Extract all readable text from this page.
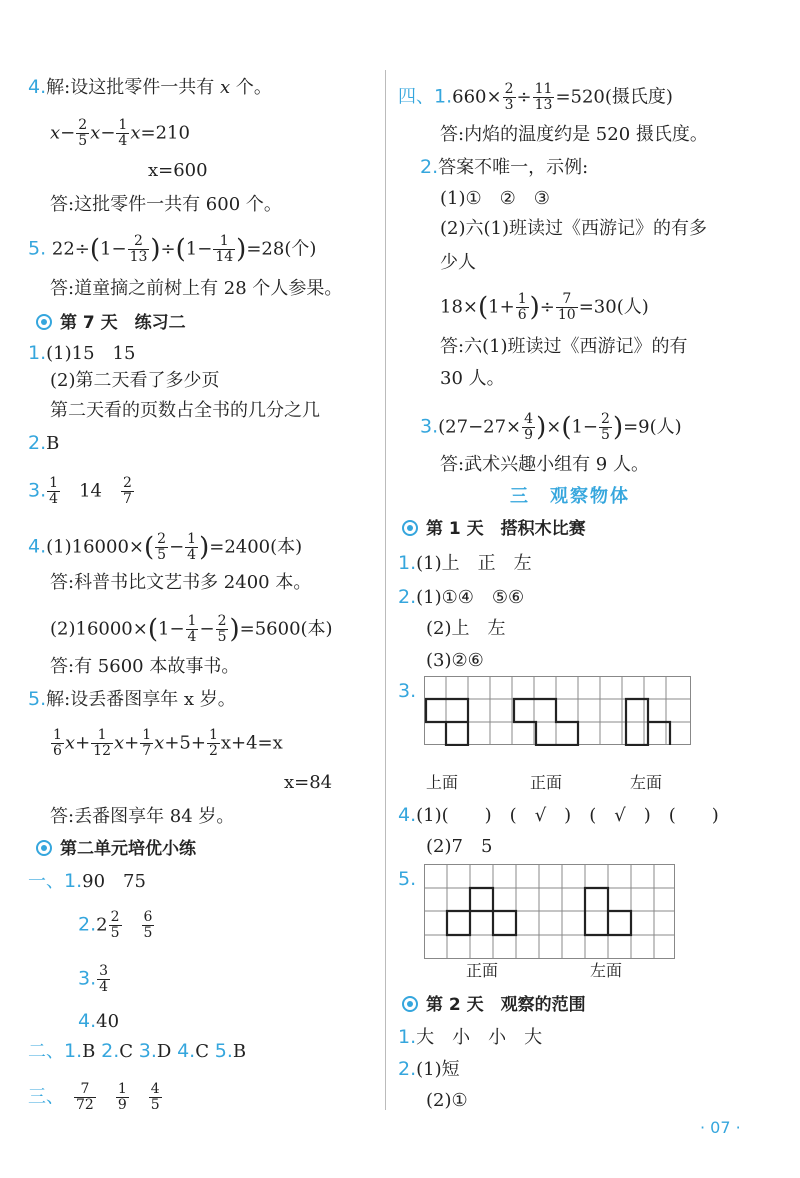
4.解:设这批零件一共有 x 个。
$x- \frac{2}{5} x- \frac{1}{4} x=210$
x=600
答:这批零件一共有 600 个。
5. $22\div(1- \frac{2}{13} )\div(1- \frac{1}{14} )=28$(个)
答:道童摘之前树上有 28 个人参果。
第 7 天　练习二
1.(1)15　15
(2)第二天看了多少页
第二天看的页数占全书的几分之几
2.B
3. $\frac{1}{4}$
　 14　 $\frac{2}{7}$
$4.(1)16000\times( \frac{2}{5} - \frac{1}{4} )=2400$(本)
答:科普书比文艺书多 2400 本。
$(2)16000\times(1- \frac{1}{4} - \frac{2}{5} )=5600$(本)
答:有 5600 本故事书。
5.解:设丢番图享年 x 岁。
$\frac{1}{6} x+ \frac{1}{12} x+ \frac{1}{7} x+5+ \frac{1}{2} x+4=x$
x=84
答:丢番图享年 84 岁。
第二单元培优小练
一、1.90　75
$2.2 \frac{2}{5}$
　 $\frac{6}{5}$
3. $\frac{3}{4}$
4.40
二、1.B 2.C 3.D 4.C 5.B
三、　 $\frac{7}{72}$
　 $\frac{1}{9}$
　 $\frac{4}{5}$
四、$1.660\times \frac{2}{3} \div \frac{11}{13} =520$(摄氏度)
答:内焰的温度约是 520 摄氏度。
2.答案不唯一，示例:
(1)①　②　③
(2)六(1)班读过《西游记》的有多
少人
$18\times(1+ \frac{1}{6}$ )÷ $\frac{7}{10} =30$(人)
答:六(1)班读过《西游记》的有
30 人。
$3.(27-27\times \frac{4}{9} )\times(1- \frac{2}{5} )=9$(人)
答:武术兴趣小组有 9 人。
三　观察物体
第 1 天　搭积木比赛
1.(1)上　正　左
2.(1)①④　⑤⑥
(2)上　左
(3)②⑥
3.
上面	正面	左面
4.(1)(　　)　(　√　)　(　√　)　(　　)
(2)7　5
5.
正面	左面
第 2 天　观察的范围
1.大　小　小　大
2.(1)短
(2)①
· 07 ·
